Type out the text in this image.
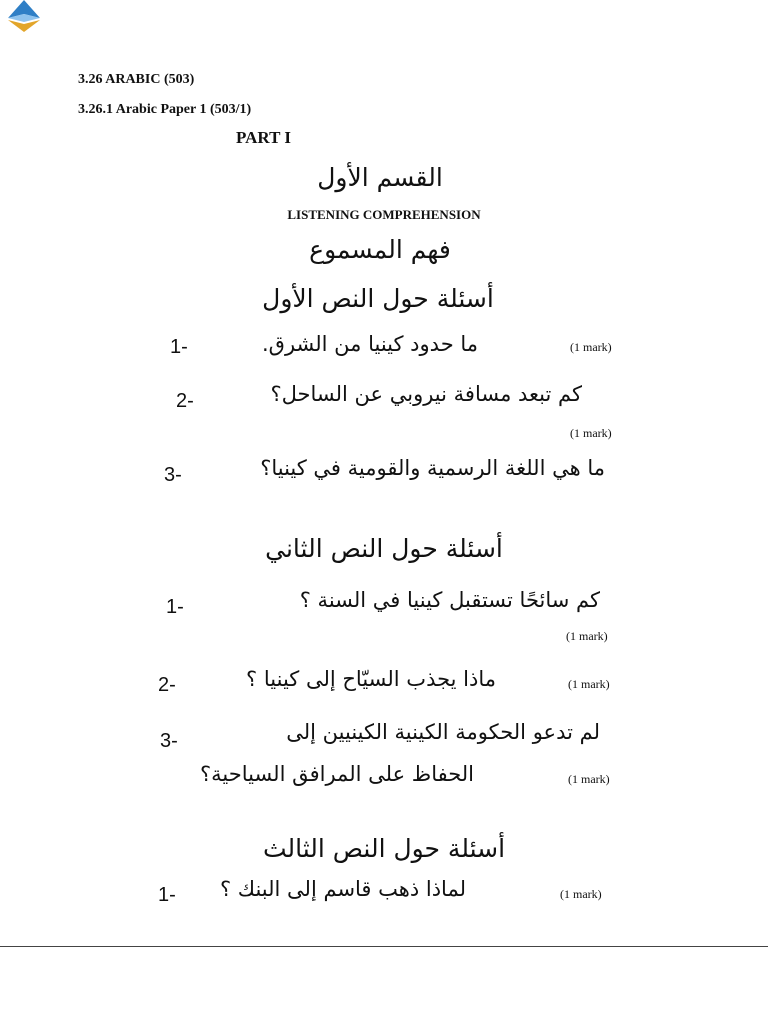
3.26 ARABIC (503)
3.26.1 Arabic Paper 1 (503/1)
PART I
القسم الأول
LISTENING COMPREHENSION
فهم المسموع
أسئلة حول النص الأول
1-	ما حدود كينيا من الشرق.	(1 mark)
2-	كم تبعد مسافة نيروبي عن الساحل؟
(1 mark)
3-	ما هي اللغة الرسمية والقومية في كينيا؟
أسئلة حول النص الثاني
1-	كم سائحًا تستقبل كينيا في السنة ؟
(1 mark)
2-	ماذا يجذب السيّاح إلى كينيا ؟	(1 mark)
3-	لم تدعو الحكومة الكينية الكينيين إلى
الحفاظ على المرافق السياحية؟	(1 mark)
أسئلة حول النص الثالث
1- لماذا ذهب قاسم إلى البنك ؟	(1 mark)
